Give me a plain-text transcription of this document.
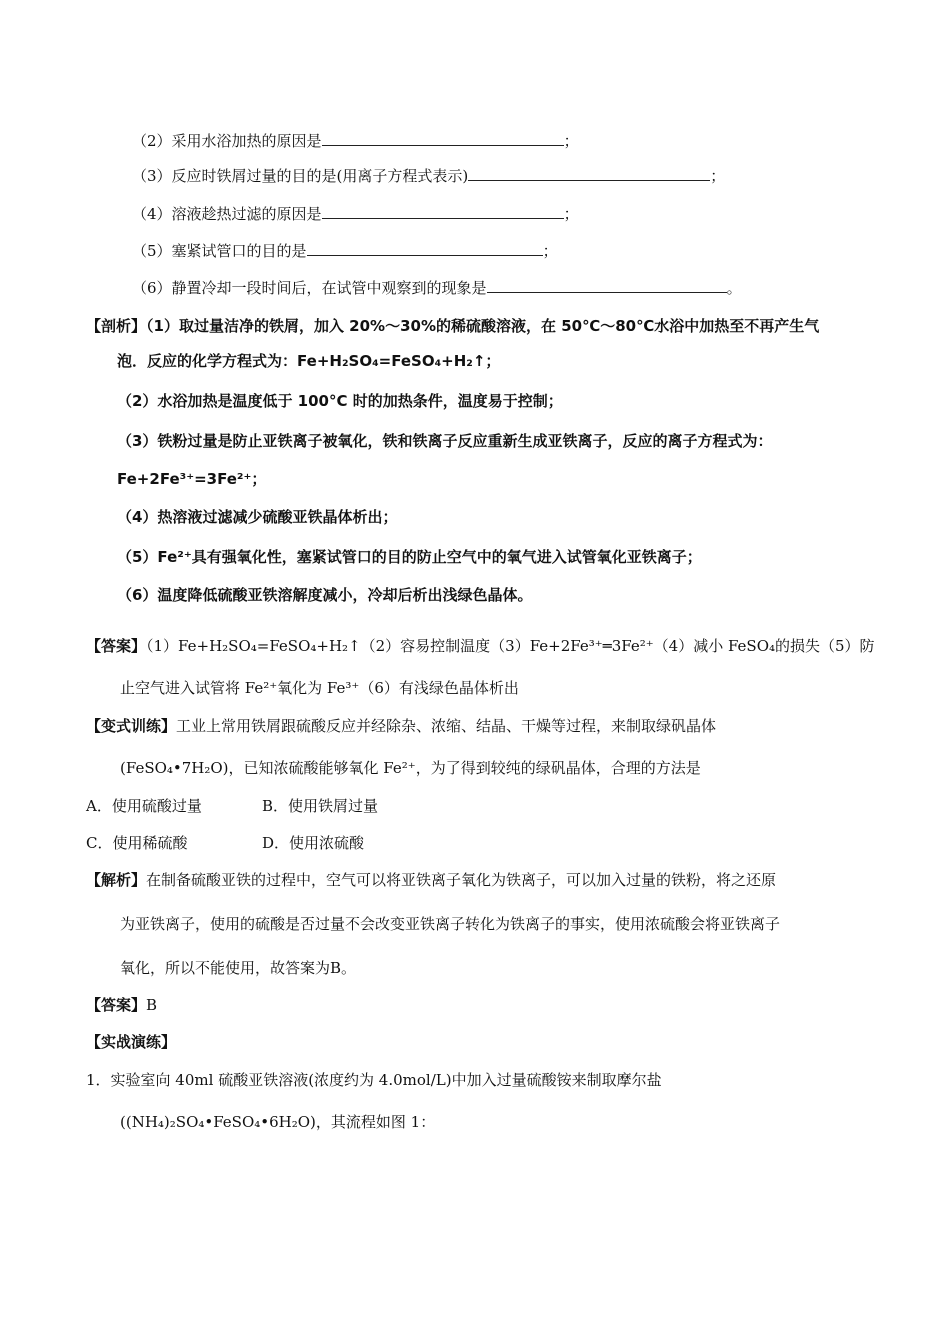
（2）采用水浴加热的原因是	；
（3）反应时铁屑过量的目的是(用离子方程式表示)	；
（4）溶液趁热过滤的原因是	；
（5）塞紧试管口的目的是	；
（6）静置冷却一段时间后，在试管中观察到的现象是	。
【剖析】（1）取过量洁净的铁屑，加入 20%～30%的稀硫酸溶液，在 50℃～80℃水浴中加热至不再产生气
泡．反应的化学方程式为：Fe+H₂SO₄=FeSO₄+H₂↑；
（2）水浴加热是温度低于 100°C 时的加热条件，温度易于控制；
（3）铁粉过量是防止亚铁离子被氧化，铁和铁离子反应重新生成亚铁离子，反应的离子方程式为：
Fe+2Fe³⁺=3Fe²⁺；
（4）热溶液过滤减少硫酸亚铁晶体析出；
（5）Fe²⁺具有强氧化性，塞紧试管口的目的防止空气中的氧气进入试管氧化亚铁离子；
（6）温度降低硫酸亚铁溶解度减小，冷却后析出浅绿色晶体。
【答案】（1）Fe+H₂SO₄=FeSO₄+H₂↑（2）容易控制温度（3）Fe+2Fe³⁺═3Fe²⁺（4）减小 FeSO₄的损失（5）防
止空气进入试管将 Fe²⁺氧化为 Fe³⁺（6）有浅绿色晶体析出
【变式训练】工业上常用铁屑跟硫酸反应并经除杂、浓缩、结晶、干燥等过程，来制取绿矾晶体
(FeSO₄•7H₂O)，已知浓硫酸能够氧化 Fe²⁺，为了得到较纯的绿矾晶体，合理的方法是
A．使用硫酸过量	B．使用铁屑过量
C．使用稀硫酸	D．使用浓硫酸
【解析】在制备硫酸亚铁的过程中，空气可以将亚铁离子氧化为铁离子，可以加入过量的铁粉，将之还原
为亚铁离子，使用的硫酸是否过量不会改变亚铁离子转化为铁离子的事实，使用浓硫酸会将亚铁离子
氧化，所以不能使用，故答案为B。
【答案】B
【实战演练】
1．实验室向 40ml 硫酸亚铁溶液(浓度约为 4.0mol/L)中加入过量硫酸铵来制取摩尔盐
((NH₄)₂SO₄•FeSO₄•6H₂O)，其流程如图 1：
